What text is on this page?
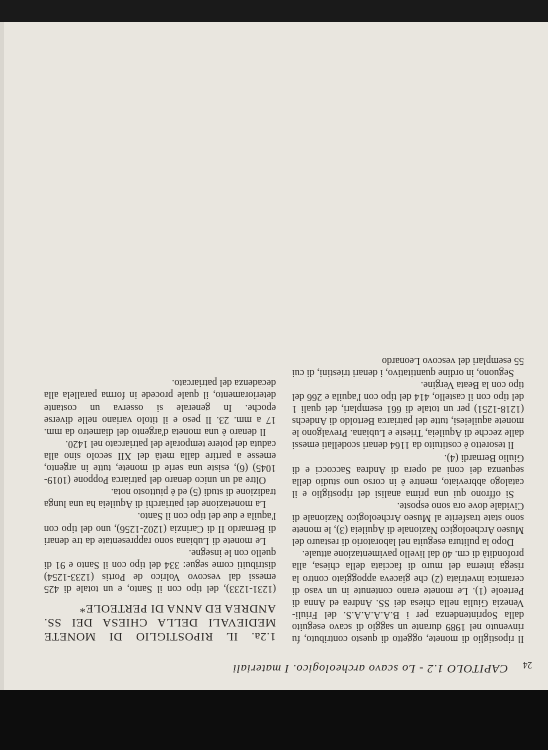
24
CAPITOLO 1.2 - Lo scavo archeologico. I materiali

Il ripostiglio di monete, oggetto di questo contributo, fu rinvenuto nel 1989 durante un saggio di scavo eseguito dalla Soprintendenza per i B.A.A.A.A.S. del Friuli-Venezia Giulia nella chiesa dei SS. Andrea ed Anna di Perteole (1). Le monete erano contenute in un vaso di ceramica invetriata (2) che giaceva appoggiato contro la risega interna del muro di facciata della chiesa, alla profondità di cm. 40 dal livello pavimentazione attuale.

Dopo la pulitura eseguita nel laboratorio di restauro del Museo Archeologico Nazionale di Aquileia (3), le monete sono state trasferite al Museo Archeologico Nazionale di Cividale dove ora sono esposte.

Si offrono qui una prima analisi del ripostiglio e il catalogo abbreviato, mentre è in corso uno studio della sequenza dei coni ad opera di Andrea Saccocci e di Giulio Bernardi (4).

Il tesoretto è costituito da 1164 denari scodellati emessi dalle zecche di Aquileia, Trieste e Lubiana. Prevalgono le monete aquileiesi, tutte del patriarca Bertoldo di Andechs (1218-1251) per un totale di 661 esemplari, dei quali 1 del tipo con il castello, 414 del tipo con l'aquila e 266 del tipo con la Beata Vergine.

Seguono, in ordine quantitativo, i denari triestini, di cui 55 esemplari del vescovo Leonardo

1.2a. IL RIPOSTIGLIO DI MONETE MEDIEVALI DELLA CHIESA DEI SS. ANDREA ED ANNA DI PERTEOLE*

(1231-1233), del tipo con il Santo, e un totale di 425 emessi dal vescovo Volrico de Portis (1233-1254) distribuiti come segue: 334 del tipo con il Santo e 91 di quello con le insegne.

Le monete di Lubiana sono rappresentate da tre denari di Bernardo II di Carinzia (1202-1256), uno del tipo con l'aquila e due del tipo con il Santo.

La monetazione dei patriarchi di Aquileia ha una lunga tradizione di studi (5) ed è piuttosto nota.

Oltre ad un unico denaro del patriarca Poppone (1019-1045) (6), esiste una serie di monete, tutte in argento, emesse a partire dalla metà del XII secolo sino alla caduta del potere temporale del patriarcato nel 1420.

Il denaro è una moneta d'argento del diametro da mm. 17 a mm. 23. Il peso e il titolo variano nelle diverse epoche. In generale si osserva un costante deterioramento, il quale procede in forma parallela alla decadenza del patriarcato.
